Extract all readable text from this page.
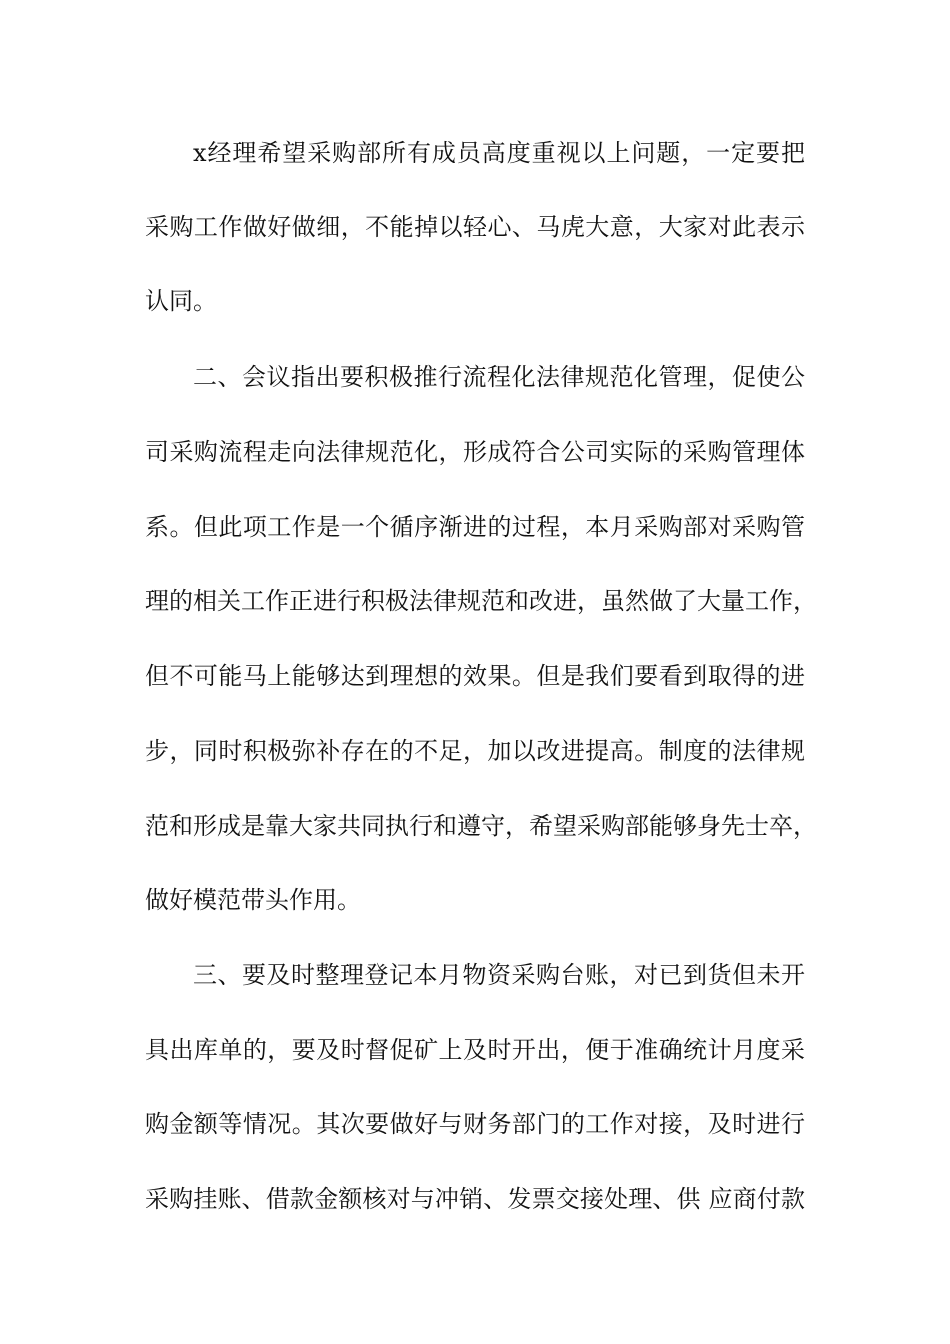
x经理希望采购部所有成员高度重视以上问题，一定要把
采购工作做好做细，不能掉以轻心、马虎大意，大家对此表示
认同。
二、会议指出要积极推行流程化法律规范化管理，促使公
司采购流程走向法律规范化，形成符合公司实际的采购管理体
系。但此项工作是一个循序渐进的过程，本月采购部对采购管
理的相关工作正进行积极法律规范和改进，虽然做了大量工作，
但不可能马上能够达到理想的效果。但是我们要看到取得的进
步，同时积极弥补存在的不足，加以改进提高。制度的法律规
范和形成是靠大家共同执行和遵守，希望采购部能够身先士卒，
做好模范带头作用。
三、要及时整理登记本月物资采购台账，对已到货但未开
具出库单的，要及时督促矿上及时开出，便于准确统计月度采
购金额等情况。其次要做好与财务部门的工作对接，及时进行
采购挂账、借款金额核对与冲销、发票交接处理、供 应商付款
